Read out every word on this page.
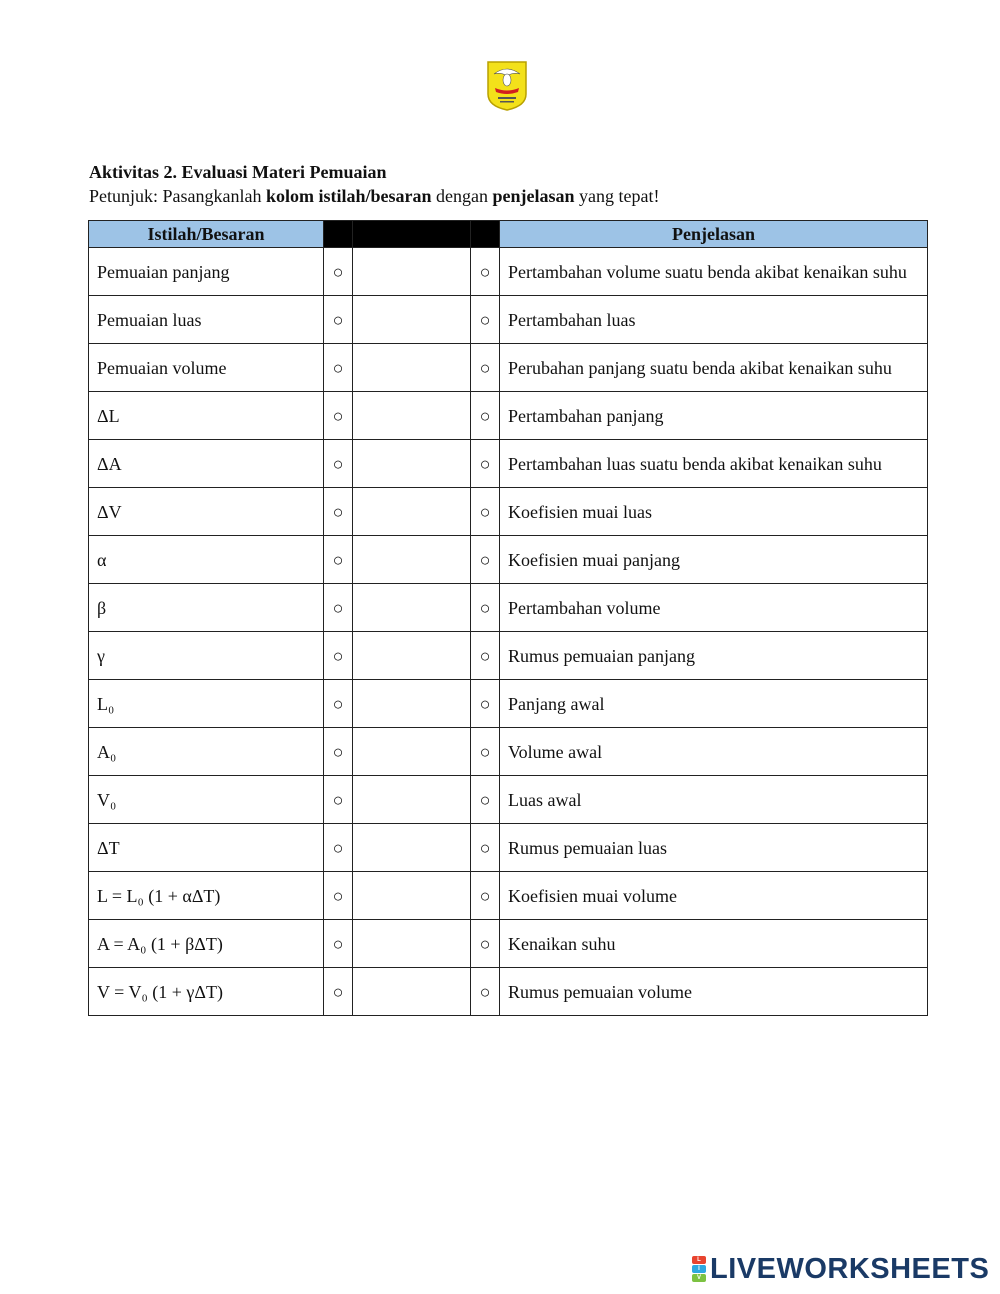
Aktivitas 2. Evaluasi Materi Pemuaian
Petunjuk: Pasangkanlah kolom istilah/besaran dengan penjelasan yang tepat!
Istilah/Besaran				Penjelasan
Pemuaian panjang	○		○	Pertambahan volume suatu benda akibat kenaikan suhu
Pemuaian luas	○		○	Pertambahan luas
Pemuaian volume	○		○	Perubahan panjang suatu benda akibat kenaikan suhu
ΔL	○		○	Pertambahan panjang
ΔA	○		○	Pertambahan luas suatu benda akibat kenaikan suhu
ΔV	○		○	Koefisien muai luas
α	○		○	Koefisien muai panjang
β	○		○	Pertambahan volume
γ	○		○	Rumus pemuaian panjang
L₀	○		○	Panjang awal
A₀	○		○	Volume awal
V₀	○		○	Luas awal
ΔT	○		○	Rumus pemuaian luas
L = L₀ (1 + αΔT)	○		○	Koefisien muai volume
A = A₀ (1 + βΔT)	○		○	Kenaikan suhu
V = V₀ (1 + γΔT)	○		○	Rumus pemuaian volume
L
I
V LIVEWORKSHEETS
